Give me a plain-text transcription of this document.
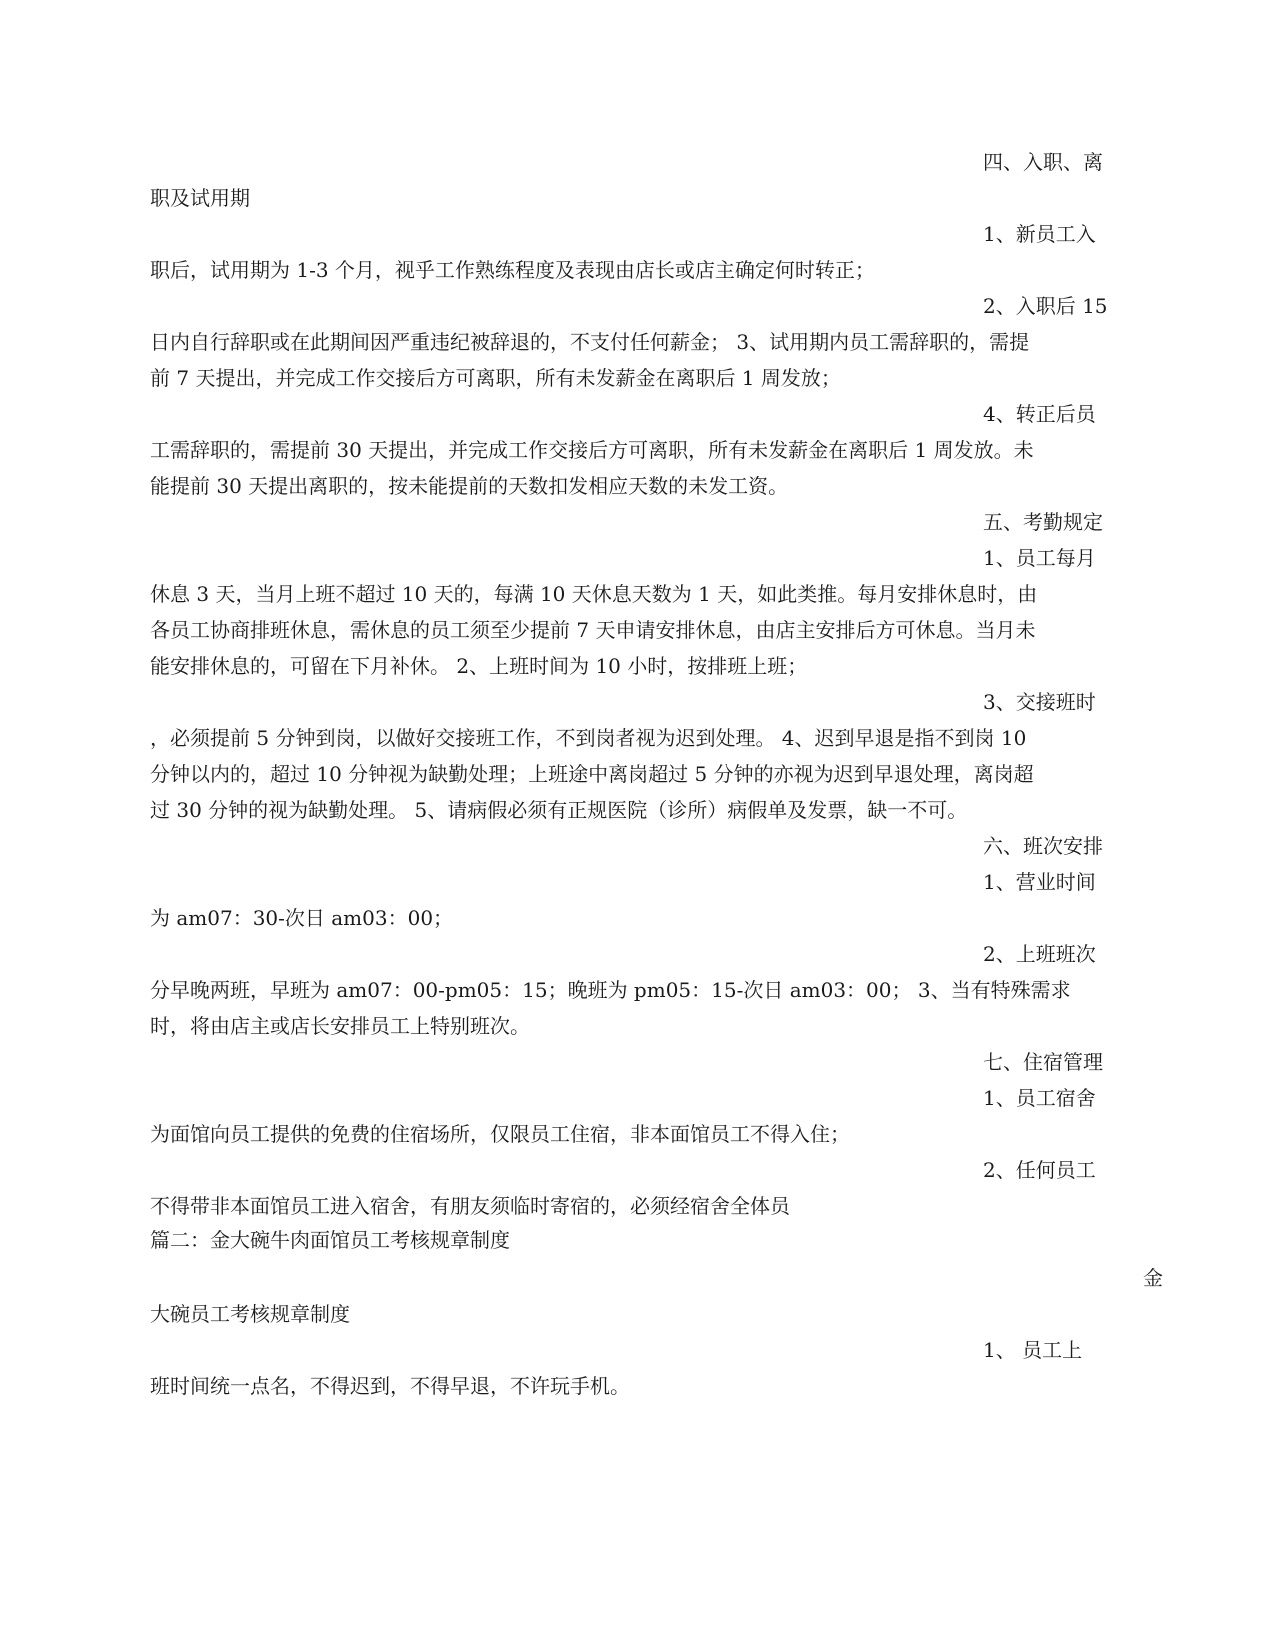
四、入职、离
职及试用期
1、新员工入
职后，试用期为 1-3 个月，视乎工作熟练程度及表现由店长或店主确定何时转正；
2、入职后 15
日内自行辞职或在此期间因严重违纪被辞退的，不支付任何薪金； 3、试用期内员工需辞职的，需提
前 7 天提出，并完成工作交接后方可离职，所有未发薪金在离职后 1 周发放；
4、转正后员
工需辞职的，需提前 30 天提出，并完成工作交接后方可离职，所有未发薪金在离职后 1 周发放。未
能提前 30 天提出离职的，按未能提前的天数扣发相应天数的未发工资。
五、考勤规定
1、员工每月
休息 3 天，当月上班不超过 10 天的，每满 10 天休息天数为 1 天，如此类推。每月安排休息时，由
各员工协商排班休息，需休息的员工须至少提前 7 天申请安排休息，由店主安排后方可休息。当月未
能安排休息的，可留在下月补休。 2、上班时间为 10 小时，按排班上班；
3、交接班时
，必须提前 5 分钟到岗，以做好交接班工作，不到岗者视为迟到处理。 4、迟到早退是指不到岗 10
分钟以内的，超过 10 分钟视为缺勤处理；上班途中离岗超过 5 分钟的亦视为迟到早退处理，离岗超
过 30 分钟的视为缺勤处理。 5、请病假必须有正规医院（诊所）病假单及发票，缺一不可。
六、班次安排
1、营业时间
为 am07：30-次日 am03：00；
2、上班班次
分早晚两班，早班为 am07：00-pm05：15；晚班为 pm05：15-次日 am03：00； 3、当有特殊需求
时，将由店主或店长安排员工上特别班次。
七、住宿管理
1、员工宿舍
为面馆向员工提供的免费的住宿场所，仅限员工住宿，非本面馆员工不得入住；
2、任何员工
不得带非本面馆员工进入宿舍，有朋友须临时寄宿的，必须经宿舍全体员
篇二：金大碗牛肉面馆员工考核规章制度
金
大碗员工考核规章制度
1、 员工上
班时间统一点名，不得迟到，不得早退，不许玩手机。
